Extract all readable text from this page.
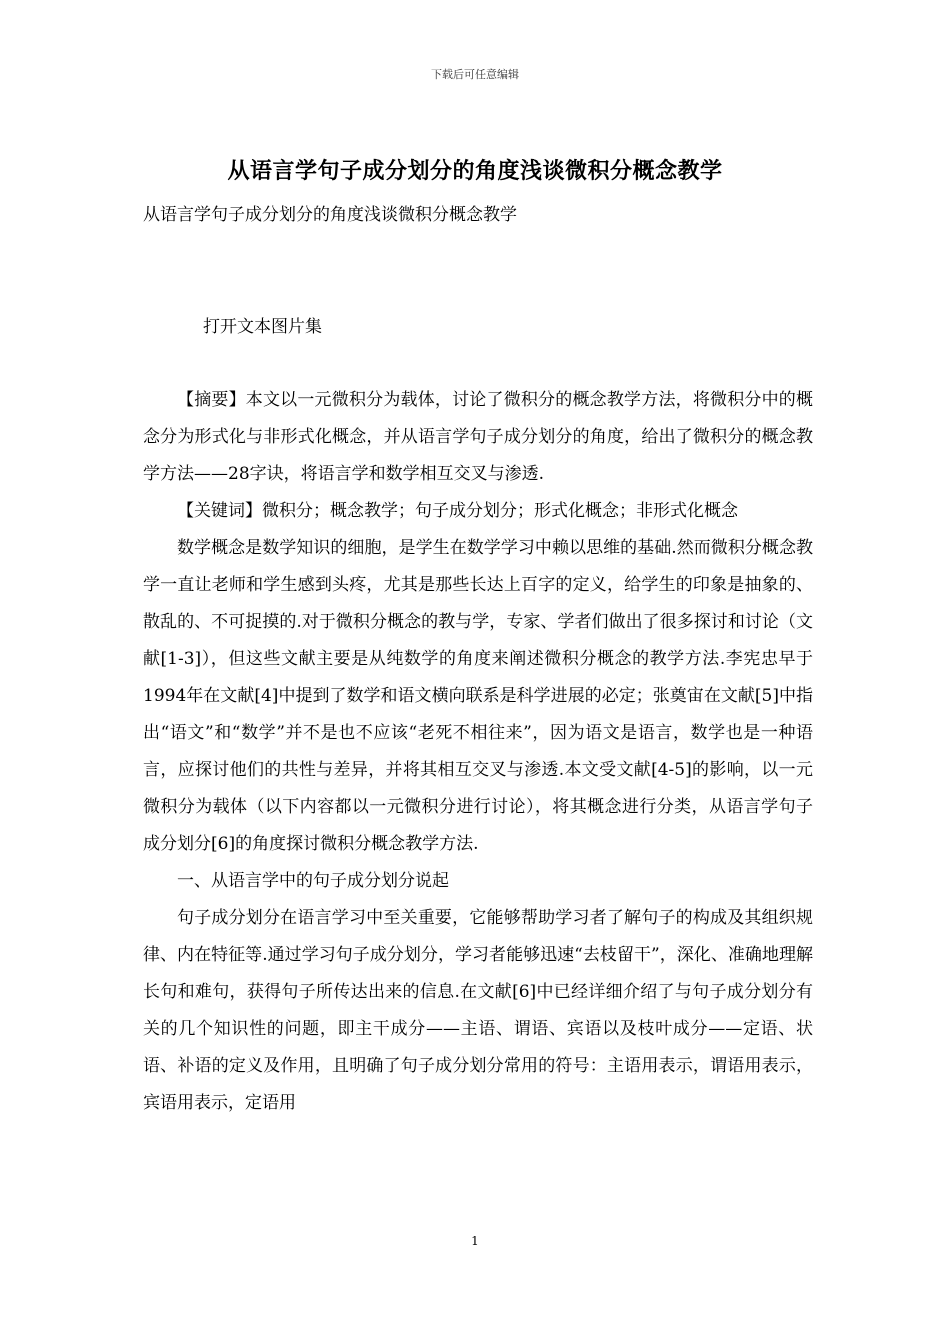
下载后可任意编辑
从语言学句子成分划分的角度浅谈微积分概念教学
从语言学句子成分划分的角度浅谈微积分概念教学
打开文本图片集

【摘要】本文以一元微积分为载体，讨论了微积分的概念教学方法，将微积分中的概念分为形式化与非形式化概念，并从语言学句子成分划分的角度，给出了微积分的概念教学方法——28字诀，将语言学和数学相互交叉与渗透.

【关键词】微积分；概念教学；句子成分划分；形式化概念；非形式化概念

数学概念是数学知识的细胞，是学生在数学学习中赖以思维的基础.然而微积分概念教学一直让老师和学生感到头疼，尤其是那些长达上百字的定义，给学生的印象是抽象的、散乱的、不可捉摸的.对于微积分概念的教与学，专家、学者们做出了很多探讨和讨论（文献[1-3]），但这些文献主要是从纯数学的角度来阐述微积分概念的教学方法.李宪忠早于1994年在文献[4]中提到了数学和语文横向联系是科学进展的必定；张奠宙在文献[5]中指出“语文”和“数学”并不是也不应该“老死不相往来”，因为语文是语言，数学也是一种语言，应探讨他们的共性与差异，并将其相互交叉与渗透.本文受文献[4-5]的影响，以一元微积分为载体（以下内容都以一元微积分进行讨论），将其概念进行分类，从语言学句子成分划分[6]的角度探讨微积分概念教学方法.

一、从语言学中的句子成分划分说起

句子成分划分在语言学习中至关重要，它能够帮助学习者了解句子的构成及其组织规律、内在特征等.通过学习句子成分划分，学习者能够迅速“去枝留干”，深化、准确地理解长句和难句，获得句子所传达出来的信息.在文献[6]中已经详细介绍了与句子成分划分有关的几个知识性的问题，即主干成分——主语、谓语、宾语以及枝叶成分——定语、状语、补语的定义及作用，且明确了句子成分划分常用的符号：主语用表示，谓语用表示，宾语用表示，定语用

1
